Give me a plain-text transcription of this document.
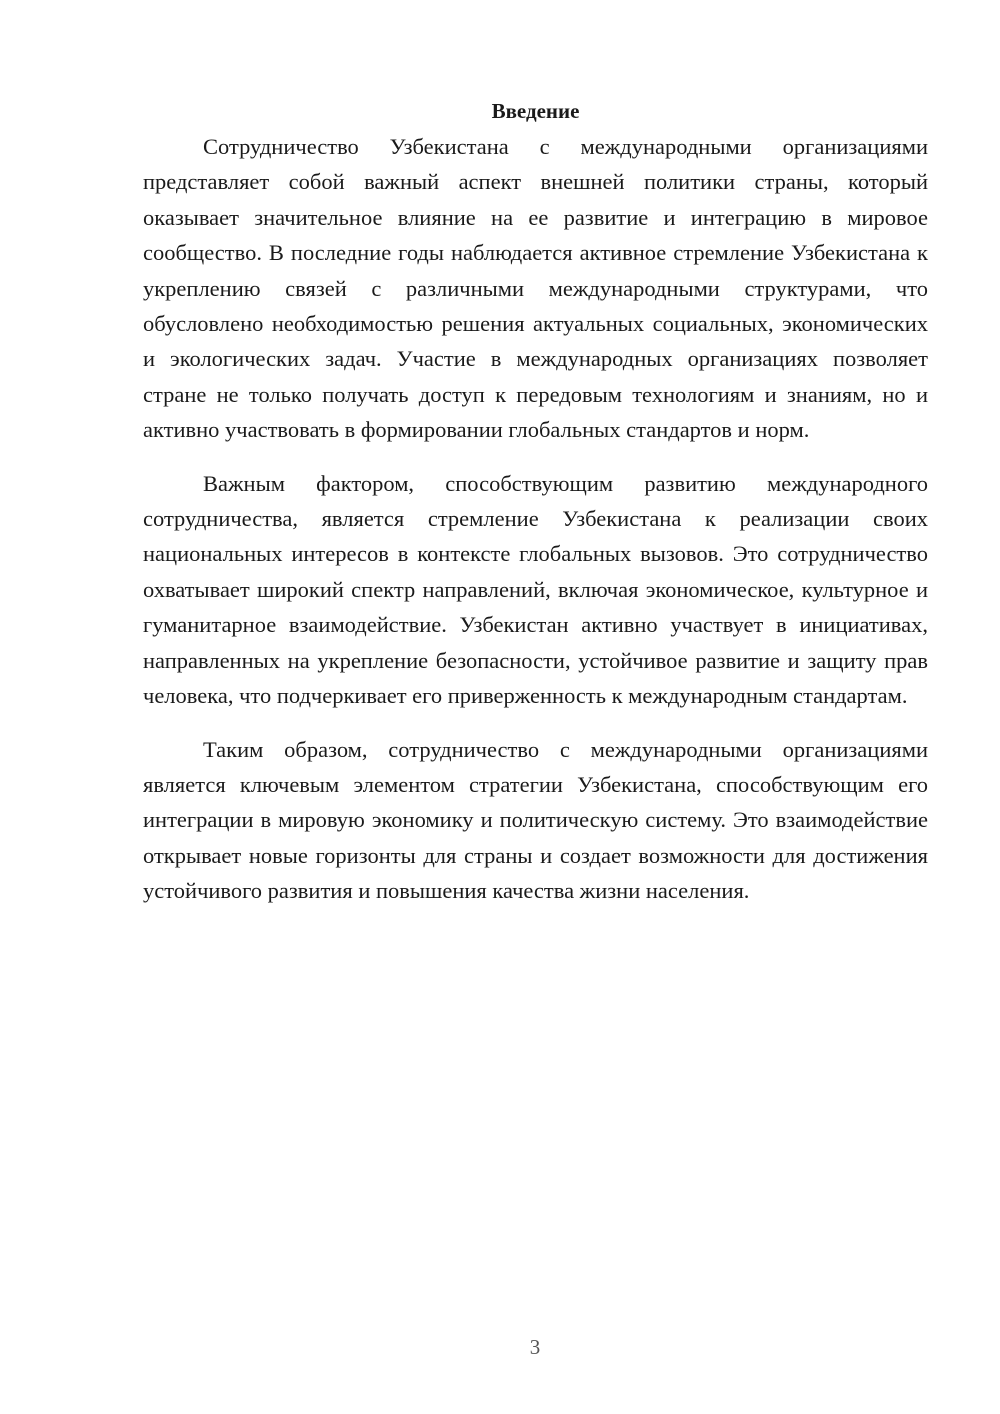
Введение

Сотрудничество Узбекистана с международными организациями представляет собой важный аспект внешней политики страны, который оказывает значительное влияние на ее развитие и интеграцию в мировое сообщество. В последние годы наблюдается активное стремление Узбекистана к укреплению связей с различными международными структурами, что обусловлено необходимостью решения актуальных социальных, экономических и экологических задач. Участие в международных организациях позволяет стране не только получать доступ к передовым технологиям и знаниям, но и активно участвовать в формировании глобальных стандартов и норм.

Важным фактором, способствующим развитию международного сотрудничества, является стремление Узбекистана к реализации своих национальных интересов в контексте глобальных вызовов. Это сотрудничество охватывает широкий спектр направлений, включая экономическое, культурное и гуманитарное взаимодействие. Узбекистан активно участвует в инициативах, направленных на укрепление безопасности, устойчивое развитие и защиту прав человека, что подчеркивает его приверженность к международным стандартам.

Таким образом, сотрудничество с международными организациями является ключевым элементом стратегии Узбекистана, способствующим его интеграции в мировую экономику и политическую систему. Это взаимодействие открывает новые горизонты для страны и создает возможности для достижения устойчивого развития и повышения качества жизни населения.

3
